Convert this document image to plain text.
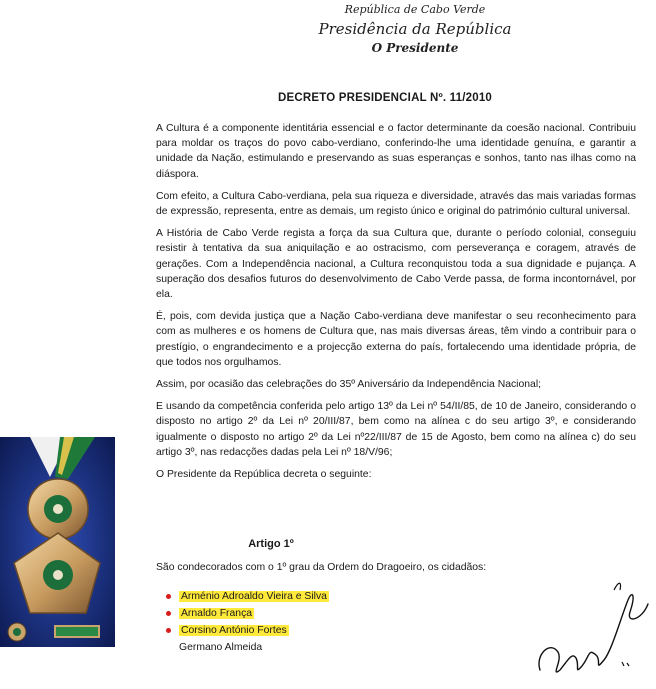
República de Cabo Verde
Presidência da República
O Presidente
DECRETO PRESIDENCIAL Nº. 11/2010

A Cultura é a componente identitária essencial e o factor determinante da coesão nacional. Contribuiu para moldar os traços do povo cabo-verdiano, conferindo-lhe uma identidade genuína, e garantir a unidade da Nação, estimulando e preservando as suas esperanças e sonhos, tanto nas ilhas como na diáspora.

Com efeito, a Cultura Cabo-verdiana, pela sua riqueza e diversidade, através das mais variadas formas de expressão, representa, entre as demais, um registo único e original do património cultural universal.

A História de Cabo Verde regista a força da sua Cultura que, durante o período colonial, conseguiu resistir à tentativa da sua aniquilação e ao ostracismo, com perseverança e coragem, através de gerações. Com a Independência nacional, a Cultura reconquistou toda a sua dignidade e pujança. A superação dos desafios futuros do desenvolvimento de Cabo Verde passa, de forma incontornável, por ela.

É, pois, com devida justiça que a Nação Cabo-verdiana deve manifestar o seu reconhecimento para com as mulheres e os homens de Cultura que, nas mais diversas áreas, têm vindo a contribuir para o prestígio, o engrandecimento e a projecção externa do país, fortalecendo uma identidade própria, de que todos nos orgulhamos.

Assim, por ocasião das celebrações do 35º Aniversário da Independência Nacional;

E usando da competência conferida pelo artigo 13º da Lei nº 54/II/85, de 10 de Janeiro, considerando o disposto no artigo 2º da Lei nº 20/III/87, bem como na alínea c do seu artigo 3º, e considerando igualmente o disposto no artigo 2º da Lei nº22/III/87 de 15 de Agosto, bem como na alínea c) do seu artigo 3º, nas redacções dadas pela Lei nº 18/V/96;

O Presidente da República decreta o seguinte:

Artigo 1º
São condecorados com o 1º grau da Ordem do Dragoeiro, os cidadãos:
Arménio Adroaldo Vieira e Silva
Arnaldo França
Corsino António Fortes
Germano Almeida
